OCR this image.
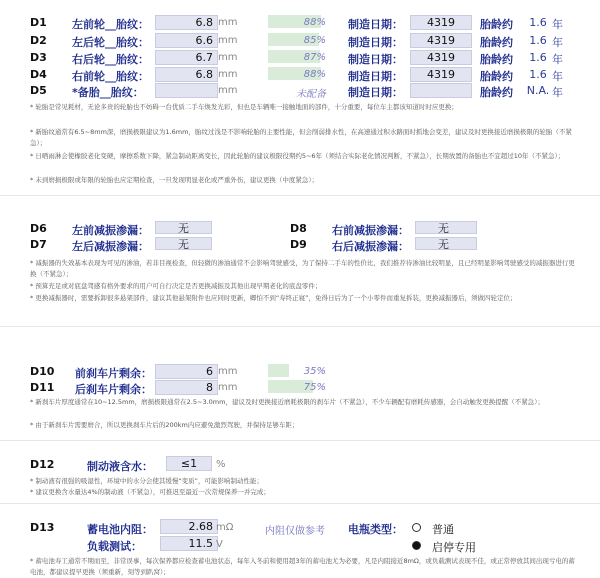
D1 左前轮__胎纹：	6.8 mm	88% 制造日期：	4319	胎龄约	1.6 年
D2 左后轮__胎纹：	6.6 mm	85% 制造日期：	4319	胎龄约	1.6 年
D3 右后轮__胎纹：	6.7 mm	87% 制造日期：	4319	胎龄约	1.6 年
D4 右前轮__胎纹：	6.8 mm	88% 制造日期：	4319	胎龄约	1.6 年
D5 *备胎__胎纹：	mm	未配备 制造日期：	胎龄约 N.A. 年
* 轮胎是常见耗材，无论多贵的轮胎也不妨碍一台优质二手车焕发光彩，但也是车辆唯一接触地面的部件，十分重要，每位车主都该知道时时应更换；
* 新胎纹通常有6.5~8mm深，磨损极限建议为1.6mm，胎纹过浅是不影响轮胎的主要性能，但会削弱排水性，在高速通过积水路面时抓地会变差，建议及时更换接近磨损极限的轮胎（不紧急）；
* 日晒雨淋会使橡胶老化变硬，摩擦系数下降，紧急制动距离变长，因此轮胎的建议极限役期约5~6年（须结合实际老化情况判断，不紧急），长期放置的备胎也不宜超过10年（不紧急）；
* 未到磨损极限或年限的轮胎也应定期检查，一旦发现明显老化或严重外伤，建议更换（中度紧急）；
D6 左前减振渗漏：	无
D7 左后减振渗漏：	无
D8 右前减振渗漏：	无
D9 右后减振渗漏：	无
* 减振器的失效基本表现为可见的渗油，若非目视检查，但轻微的渗油通常不会影响驾驶感受，为了保持二手车的性价比，我们推荐待渗油比较明显，且已经明显影响驾驶感受的减振器进行更换（不紧急）；
* 预算充足或对底盘驾感有格外要求的用户可自行决定是否更换减振及其他出现早期老化的底盘零件；
* 更换减振器时，需要拆卸很多悬架部件，建议其他悬架附件也应同时更新，卿怕不到“寿终正寝”，免得日后为了一个小零件而重复拆装，更换减振器后，须做四轮定位；
D10 前刹车片剩余：	6 mm	35%
D11 后刹车片剩余：	8 mm	75%
* 新刹车片厚度通常在10~12.5mm，磨损极限通常在2.5~3.0mm，建议及时更换接近磨耗极限的刹车片（不紧急），不少车辆配有磨耗传感器，会自动触发更换提醒（不紧急）；
* 由于新刹车片需要磨合，所以更换刹车片后的200km内应避免激烈驾驶，并保持足够车距；
D12	制动液含水：	≤1	%
* 制动液有很强的吸湿性，环境中的水分会使其缓慢“变质”，可能影响制动性能；
* 建议更换含水量达4%的制动液（不紧急），可推迟至最近一次常规保养一并完成；
D13	蓄电池内阻：	2.68 mΩ	内阻仅做参考 电瓶类型：	普通
负载测试：	11.5 V	启停专用
* 蓄电池寿工通常不期而至，非常误事，每次保养都应检查蓄电池状态，每年入冬前和使用超3年的蓄电池尤为必要，凡是内阻接近8mΩ，或负载测试表现不佳，或正常停放其间出现亏电的蓄电池，都建议提早更换（须重新，刻等到趴窝）；
